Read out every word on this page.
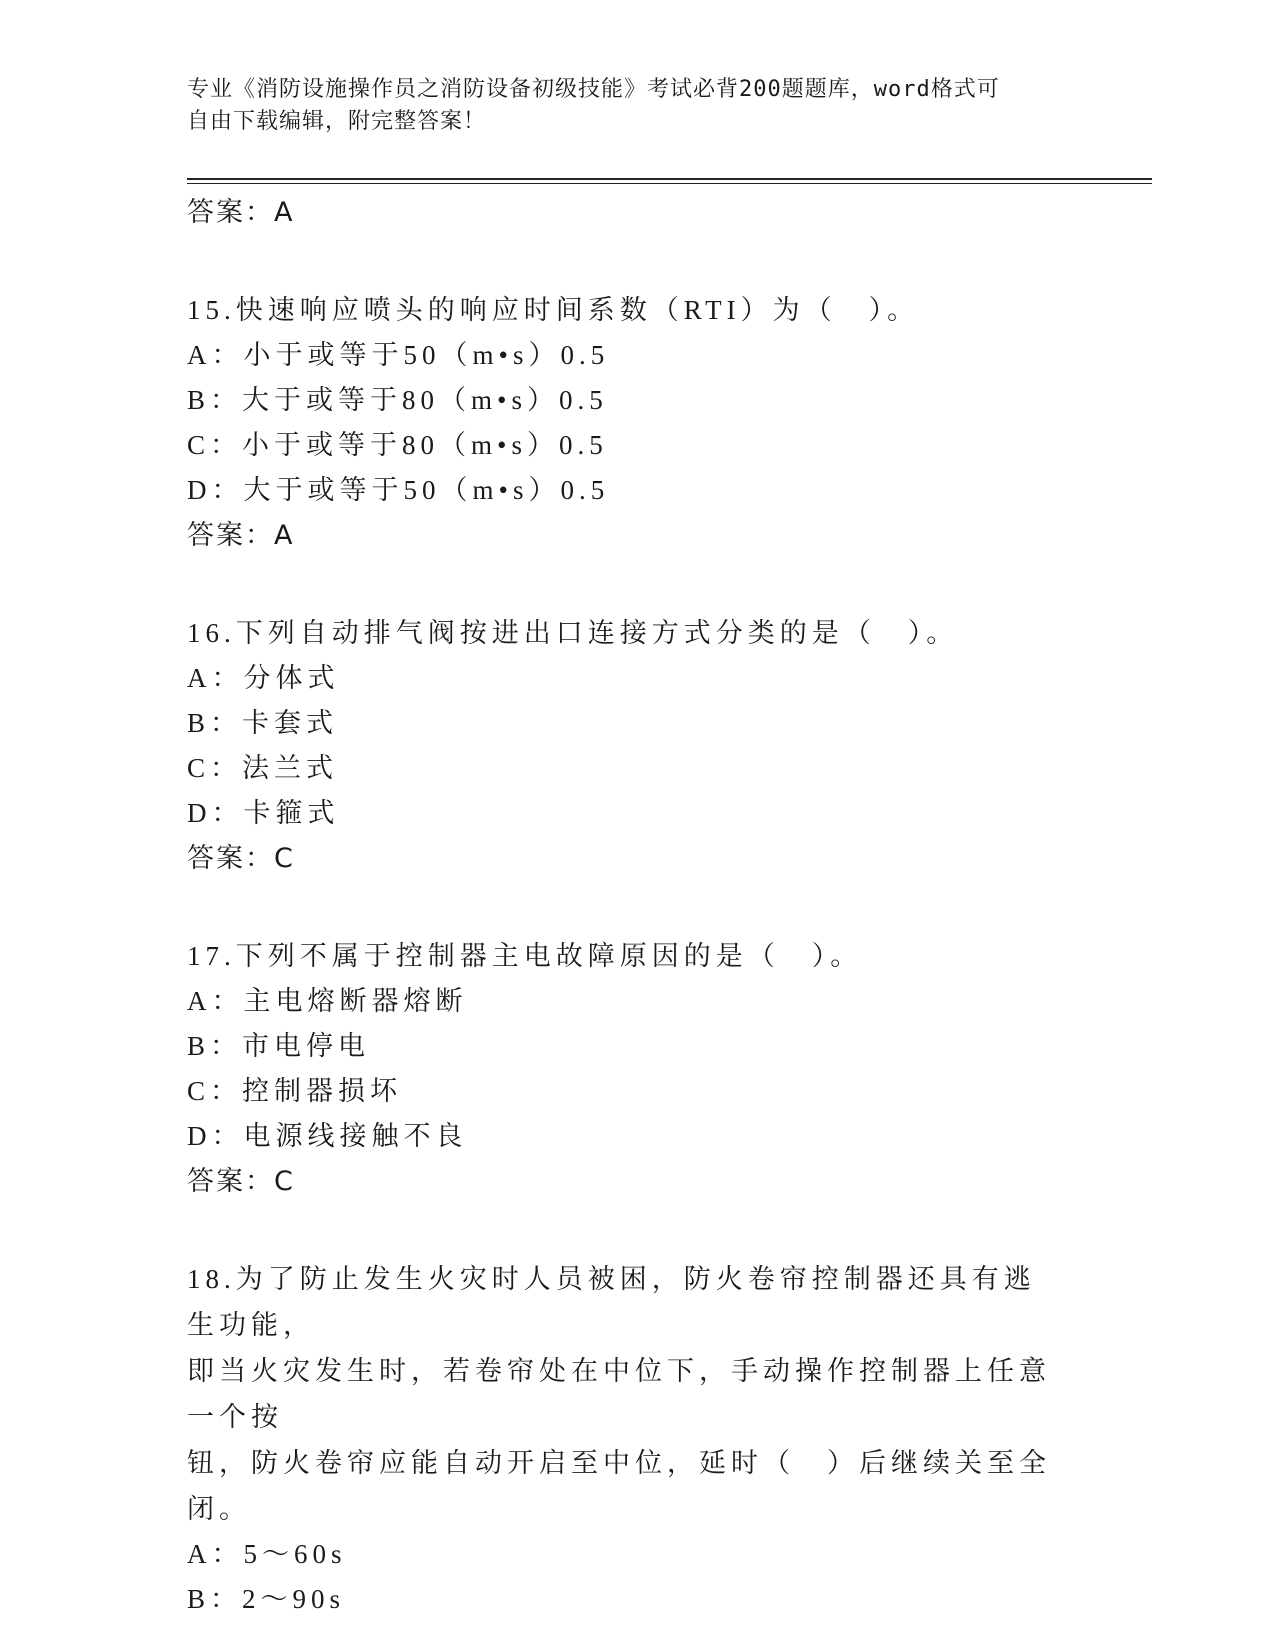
专业《消防设施操作员之消防设备初级技能》考试必背200题题库，word格式可
自由下载编辑，附完整答案！
答案：A
15.快速响应喷头的响应时间系数（RTI）为（　）。
A：小于或等于50（m•s）0.5
B：大于或等于80（m•s）0.5
C：小于或等于80（m•s）0.5
D：大于或等于50（m•s）0.5
答案：A
16.下列自动排气阀按进出口连接方式分类的是（　）。
A：分体式
B：卡套式
C：法兰式
D：卡箍式
答案：C
17.下列不属于控制器主电故障原因的是（　）。
A：主电熔断器熔断
B：市电停电
C：控制器损坏
D：电源线接触不良
答案：C
18.为了防止发生火灾时人员被困，防火卷帘控制器还具有逃生功能，
即当火灾发生时，若卷帘处在中位下，手动操作控制器上任意一个按
钮，防火卷帘应能自动开启至中位，延时（　）后继续关至全闭。
A：5～60s
B：2～90s
